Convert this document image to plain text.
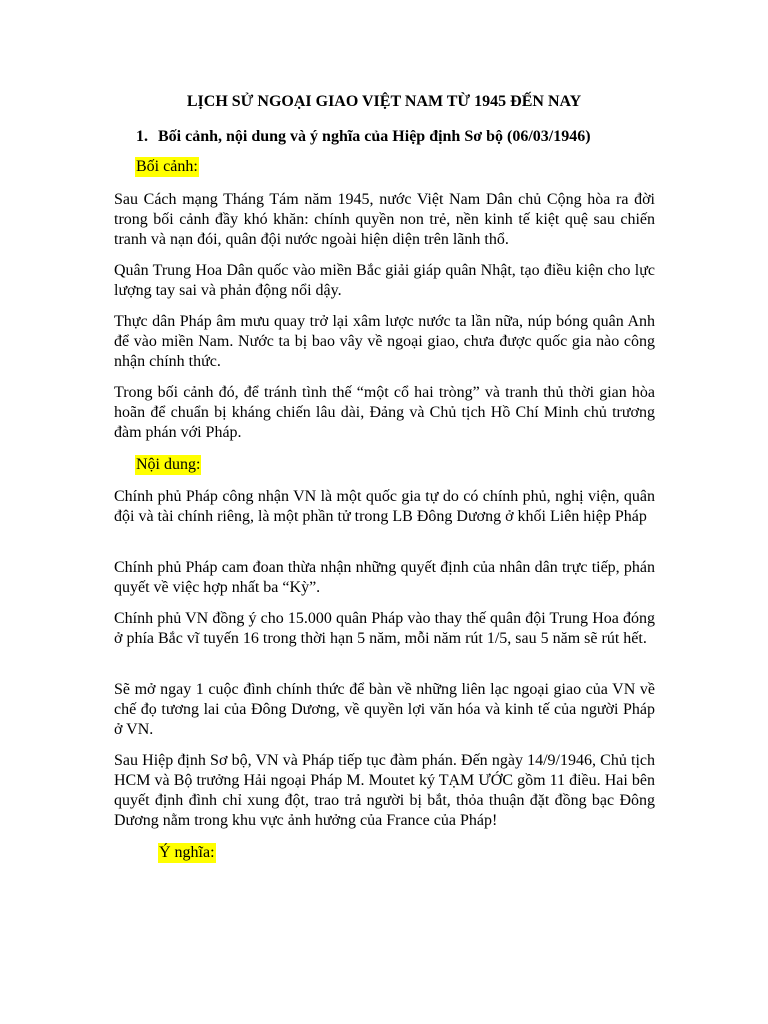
LỊCH SỬ NGOẠI GIAO VIỆT NAM TỪ 1945 ĐẾN NAY
1. Bối cảnh, nội dung và ý nghĩa của Hiệp định Sơ bộ (06/03/1946)
Bối cảnh:

Sau Cách mạng Tháng Tám năm 1945, nước Việt Nam Dân chủ Cộng hòa ra đời trong bối cảnh đầy khó khăn: chính quyền non trẻ, nền kinh tế kiệt quệ sau chiến tranh và nạn đói, quân đội nước ngoài hiện diện trên lãnh thổ.

Quân Trung Hoa Dân quốc vào miền Bắc giải giáp quân Nhật, tạo điều kiện cho lực lượng tay sai và phản động nổi dậy.

Thực dân Pháp âm mưu quay trở lại xâm lược nước ta lần nữa, núp bóng quân Anh để vào miền Nam. Nước ta bị bao vây về ngoại giao, chưa được quốc gia nào công nhận chính thức.

Trong bối cảnh đó, để tránh tình thế “một cổ hai tròng” và tranh thủ thời gian hòa hoãn để chuẩn bị kháng chiến lâu dài, Đảng và Chủ tịch Hồ Chí Minh chủ trương đàm phán với Pháp.

Nội dung:

Chính phủ Pháp công nhận VN là một quốc gia tự do có chính phủ, nghị viện, quân đội và tài chính riêng, là một phần tử trong LB Đông Dương ở khối Liên hiệp Pháp

Chính phủ Pháp cam đoan thừa nhận những quyết định của nhân dân trực tiếp, phán quyết về việc hợp nhất ba “Kỳ”.

Chính phủ VN đồng ý cho 15.000 quân Pháp vào thay thế quân đội Trung Hoa đóng ở phía Bắc vĩ tuyến 16 trong thời hạn 5 năm, mỗi năm rút 1/5, sau 5 năm sẽ rút hết.

Sẽ mở ngay 1 cuộc đình chính thức để bàn về những liên lạc ngoại giao của VN về chế đọ tương lai của Đông Dương, về quyền lợi văn hóa và kinh tế của người Pháp ở VN.

Sau Hiệp định Sơ bộ, VN và Pháp tiếp tục đàm phán. Đến ngày 14/9/1946, Chủ tịch HCM và Bộ trưởng Hải ngoại Pháp M. Moutet ký TẠM ƯỚC gồm 11 điều. Hai bên quyết định đình chỉ xung đột, trao trả người bị bắt, thỏa thuận đặt đồng bạc Đông Dương nằm trong khu vực ảnh hưởng của France của Pháp!

Ý nghĩa:
